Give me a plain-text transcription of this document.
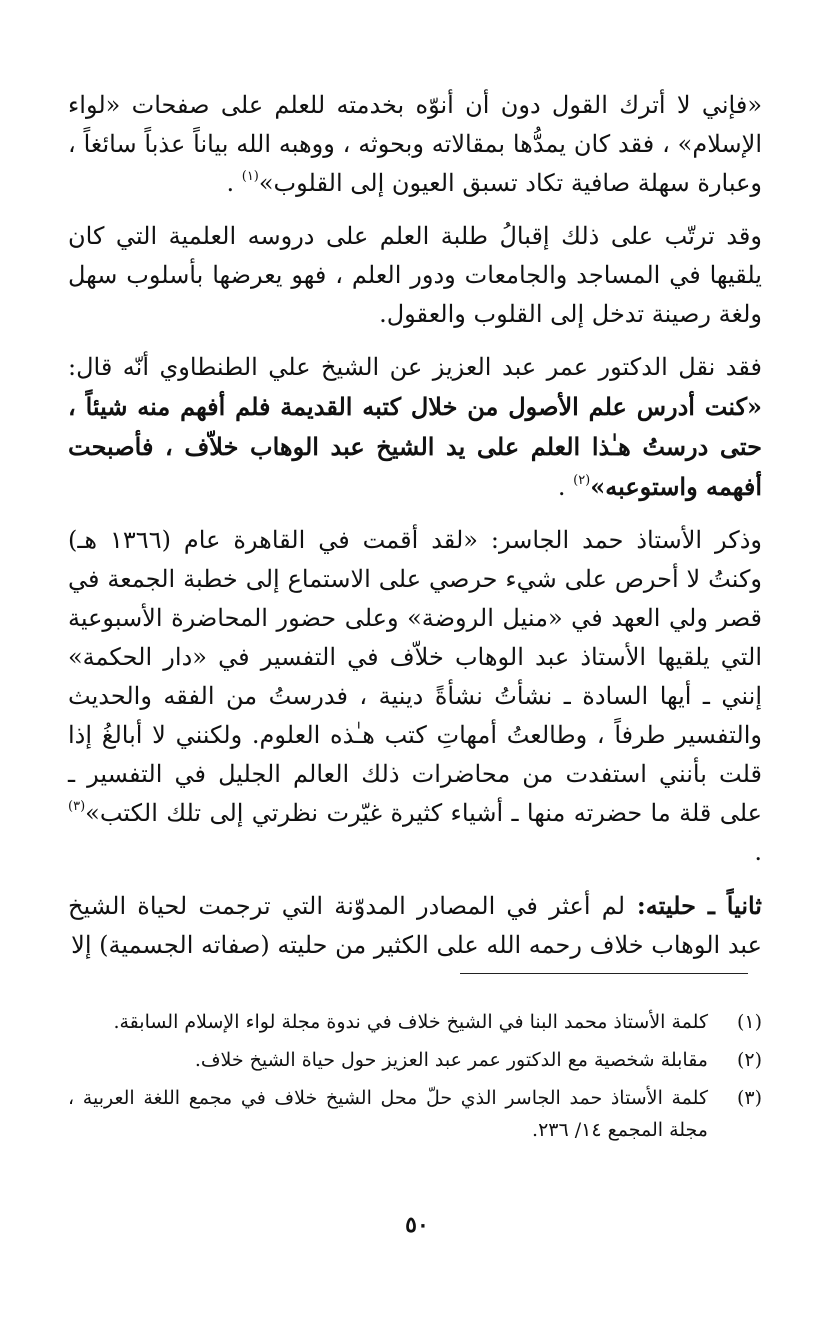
«فإني لا أترك القول دون أن أنوّه بخدمته للعلم على صفحات «لواء الإسلام» ، فقد كان يمدُّها بمقالاته وبحوثه ، ووهبه الله بياناً عذباً سائغاً ، وعبارة سهلة صافية تكاد تسبق العيون إلى القلوب»$^{(١)}$ .

وقد ترتّب على ذلك إقبالُ طلبة العلم على دروسه العلمية التي كان يلقيها في المساجد والجامعات ودور العلم ، فهو يعرضها بأسلوب سهل ولغة رصينة تدخل إلى القلوب والعقول.

فقد نقل الدكتور عمر عبد العزيز عن الشيخ علي الطنطاوي أنّه قال: «كنت أدرس علم الأصول من خلال كتبه القديمة فلم أفهم منه شيئاً ، حتى درستُ هـٰذا العلم على يد الشيخ عبد الوهاب خلاّف ، فأصبحت أفهمه واستوعبه»$^{(٢)}$ .

وذكر الأستاذ حمد الجاسر: «لقد أقمت في القاهرة عام (١٣٦٦ هـ) وكنتُ لا أحرص على شيء حرصي على الاستماع إلى خطبة الجمعة في قصر ولي العهد في «منيل الروضة» وعلى حضور المحاضرة الأسبوعية التي يلقيها الأستاذ عبد الوهاب خلاّف في التفسير في «دار الحكمة» إنني ـ أيها السادة ـ نشأتُ نشأةً دينية ، فدرستُ من الفقه والحديث والتفسير طرفاً ، وطالعتُ أمهاتِ كتب هـٰذه العلوم. ولكنني لا أبالغُ إذا قلت بأنني استفدت من محاضرات ذلك العالم الجليل في التفسير ـ على قلة ما حضرته منها ـ أشياء كثيرة غيّرت نظرتي إلى تلك الكتب»$^{(٣)}$ .

ثانياً ـ حليته: لم أعثر في المصادر المدوّنة التي ترجمت لحياة الشيخ عبد الوهاب خلاف رحمه الله على الكثير من حليته (صفاته الجسمية) إلا

(١)
كلمة الأستاذ محمد البنا في الشيخ خلاف في ندوة مجلة لواء الإسلام السابقة.
(٢)
مقابلة شخصية مع الدكتور عمر عبد العزيز حول حياة الشيخ خلاف.
(٣)
كلمة الأستاذ حمد الجاسر الذي حلّ محل الشيخ خلاف في مجمع اللغة العربية ، مجلة المجمع ١٤/ ٢٣٦.
٥٠
